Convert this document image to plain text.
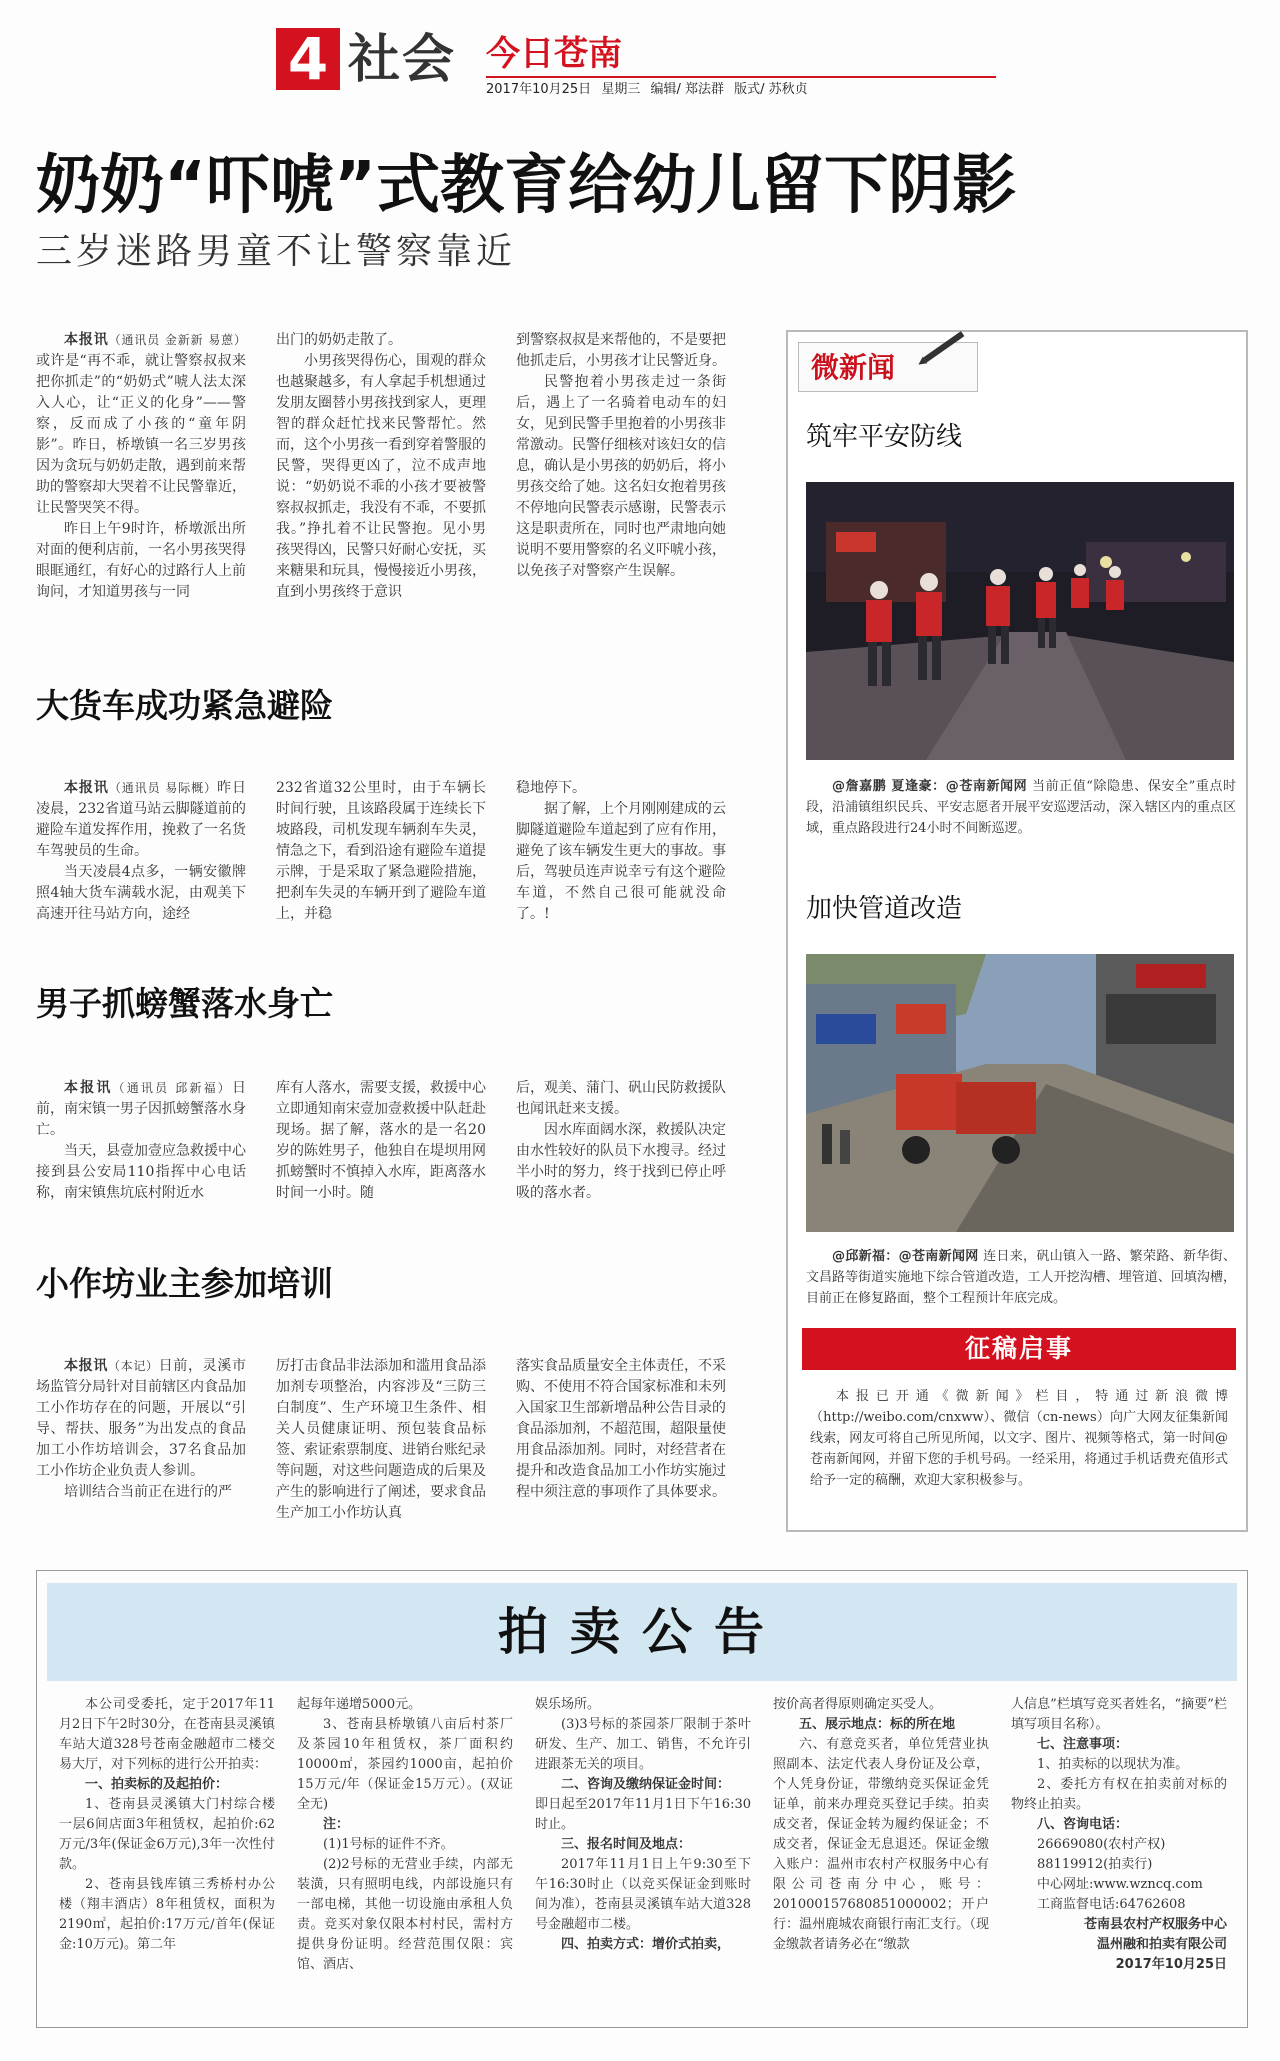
4 社会 今日苍南
2017年10月25日 星期三 编辑/ 郑法群 版式/ 苏秋贞
奶奶“吓唬”式教育给幼儿留下阴影
三岁迷路男童不让警察靠近

本报讯（通讯员 金新新 易蒽）或许是“再不乖，就让警察叔叔来把你抓走”的“奶奶式”唬人法太深入人心，让“正义的化身”——警察，反而成了小孩的“童年阴影”。昨日，桥墩镇一名三岁男孩因为贪玩与奶奶走散，遇到前来帮助的警察却大哭着不让民警靠近，让民警哭笑不得。

昨日上午9时许，桥墩派出所对面的便利店前，一名小男孩哭得眼眶通红，有好心的过路行人上前询问，才知道男孩与一同

出门的奶奶走散了。

小男孩哭得伤心，围观的群众也越聚越多，有人拿起手机想通过发朋友圈替小男孩找到家人，更理智的群众赶忙找来民警帮忙。然而，这个小男孩一看到穿着警服的民警，哭得更凶了，泣不成声地说：“奶奶说不乖的小孩才要被警察叔叔抓走，我没有不乖，不要抓我。”挣扎着不让民警抱。见小男孩哭得凶，民警只好耐心安抚，买来糖果和玩具，慢慢接近小男孩，直到小男孩终于意识

到警察叔叔是来帮他的，不是要把他抓走后，小男孩才让民警近身。

民警抱着小男孩走过一条街后，遇上了一名骑着电动车的妇女，见到民警手里抱着的小男孩非常激动。民警仔细核对该妇女的信息，确认是小男孩的奶奶后，将小男孩交给了她。这名妇女抱着男孩不停地向民警表示感谢，民警表示这是职责所在，同时也严肃地向她说明不要用警察的名义吓唬小孩，以免孩子对警察产生误解。

大货车成功紧急避险

本报讯（通讯员 易际概）昨日凌晨，232省道马站云脚隧道前的避险车道发挥作用，挽救了一名货车驾驶员的生命。

当天凌晨4点多，一辆安徽牌照4轴大货车满载水泥，由观美下高速开往马站方向，途经

232省道32公里时，由于车辆长时间行驶，且该路段属于连续长下坡路段，司机发现车辆刹车失灵，情急之下，看到沿途有避险车道提示牌，于是采取了紧急避险措施，把刹车失灵的车辆开到了避险车道上，并稳

稳地停下。

据了解，上个月刚刚建成的云脚隧道避险车道起到了应有作用，避免了该车辆发生更大的事故。事后，驾驶员连声说幸亏有这个避险车道，不然自己很可能就没命了。!

男子抓螃蟹落水身亡

本报讯（通讯员 邱新福）日前，南宋镇一男子因抓螃蟹落水身亡。

当天，县壹加壹应急救援中心接到县公安局110指挥中心电话称，南宋镇焦坑底村附近水

库有人落水，需要支援，救援中心立即通知南宋壹加壹救援中队赶赴现场。据了解，落水的是一名20岁的陈姓男子，他独自在堤坝用网抓螃蟹时不慎掉入水库，距离落水时间一小时。随

后，观美、蒲门、矾山民防救援队也闻讯赶来支援。

因水库面阔水深，救援队决定由水性较好的队员下水搜寻。经过半小时的努力，终于找到已停止呼吸的落水者。

小作坊业主参加培训

本报讯（本记）日前，灵溪市场监管分局针对目前辖区内食品加工小作坊存在的问题，开展以“引导、帮扶、服务”为出发点的食品加工小作坊培训会，37名食品加工小作坊企业负责人参训。

培训结合当前正在进行的严

厉打击食品非法添加和滥用食品添加剂专项整治，内容涉及“三防三白制度”、生产环境卫生条件、相关人员健康证明、预包装食品标签、索证索票制度、进销台账纪录等问题，对这些问题造成的后果及产生的影响进行了阐述，要求食品生产加工小作坊认真

落实食品质量安全主体责任，不采购、不使用不符合国家标准和未列入国家卫生部新增品种公告目录的食品添加剂，不超范围，超限量使用食品添加剂。同时，对经营者在提升和改造食品加工小作坊实施过程中须注意的事项作了具体要求。

微新闻
筑牢平安防线
@詹嘉鹏 夏逢豪：@苍南新闻网 当前正值“除隐患、保安全”重点时段，沿浦镇组织民兵、平安志愿者开展平安巡逻活动，深入辖区内的重点区域，重点路段进行24小时不间断巡逻。
加快管道改造
@邱新福：@苍南新闻网 连日来，矾山镇入一路、繁荣路、新华街、文昌路等街道实施地下综合管道改造，工人开挖沟槽、埋管道、回填沟槽，目前正在修复路面，整个工程预计年底完成。
征稿启事
本报已开通《微新闻》栏目，特通过新浪微博（http://weibo.com/cnxww）、微信（cn-news）向广大网友征集新闻线索，网友可将自己所见所闻，以文字、图片、视频等格式，第一时间@苍南新闻网，并留下您的手机号码。一经采用，将通过手机话费充值形式给予一定的稿酬，欢迎大家积极参与。
拍卖公告

本公司受委托，定于2017年11月2日下午2时30分，在苍南县灵溪镇车站大道328号苍南金融超市二楼交易大厅，对下列标的进行公开拍卖：

一、拍卖标的及起拍价：

1、苍南县灵溪镇大门村综合楼一层6间店面3年租赁权，起拍价:62万元/3年(保证金6万元),3年一次性付款。

2、苍南县钱库镇三秀桥村办公楼（翔丰酒店）8年租赁权，面积为2190㎡，起拍价:17万元/首年(保证金:10万元)。第二年

起每年递增5000元。

3、苍南县桥墩镇八亩后村茶厂及茶园10年租赁权，茶厂面积约10000㎡，茶园约1000亩，起拍价15万元/年（保证金15万元）。(双证全无)

注：

(1)1号标的证件不齐。

(2)2号标的无营业手续，内部无装潢，只有照明电线，内部设施只有一部电梯，其他一切设施由承租人负责。竞买对象仅限本村村民，需村方提供身份证明。经营范围仅限：宾馆、酒店、

娱乐场所。

(3)3号标的茶园茶厂限制于茶叶研发、生产、加工、销售，不允许引进跟茶无关的项目。

二、咨询及缴纳保证金时间：

即日起至2017年11月1日下午16:30时止。

三、报名时间及地点：

2017年11月1日上午9:30至下午16:30时止（以竞买保证金到账时间为准），苍南县灵溪镇车站大道328号金融超市二楼。

四、拍卖方式：增价式拍卖，

按价高者得原则确定买受人。

五、展示地点：标的所在地

六、有意竞买者，单位凭营业执照副本、法定代表人身份证及公章，个人凭身份证，带缴纳竞买保证金凭证单，前来办理竞买登记手续。拍卖成交者，保证金转为履约保证金；不成交者，保证金无息退还。保证金缴入账户：温州市农村产权服务中心有限公司苍南分中心，账号：201000157680851000002；开户行：温州鹿城农商银行南汇支行。（现金缴款者请务必在“缴款

人信息”栏填写竞买者姓名，“摘要”栏填写项目名称）。

七、注意事项：

1、拍卖标的以现状为准。

2、委托方有权在拍卖前对标的物终止拍卖。

八、咨询电话：

26669080(农村产权)

88119912(拍卖行)

中心网址:www.wzncq.com

工商监督电话:64762608

苍南县农村产权服务中心

温州融和拍卖有限公司

2017年10月25日
